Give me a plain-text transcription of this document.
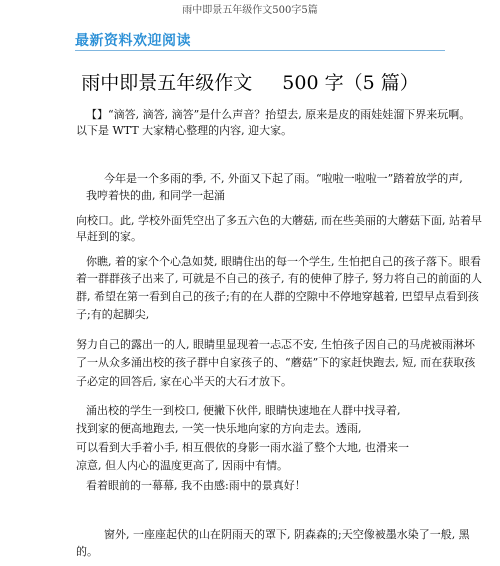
雨中即景五年级作文500字5篇
最新资料欢迎阅读
雨中即景五年级作文 500 字（5 篇）
【】“滴答, 滴答, 滴答”是什么声音？抬望去, 原来是皮的雨娃娃溜下界来玩啊。
以下是 WTT 大家精心整理的内容, 迎大家。
今年是一个多雨的季, 不, 外面又下起了雨。“啦啦一啦啦一”踏着放学的声,
我哼着快的曲, 和同学一起涌
向校口。此, 学校外面凭空出了多五六色的大蘑菇, 而在些美丽的大蘑菇下面, 站着早
早赶到的家。
你瞧, 着的家个个心急如焚, 眼睛住出的每一个学生, 生怕把自己的孩子落下。眼看
着一群群孩子出来了, 可就是不自己的孩子, 有的使伸了脖子, 努力将自己的前面的人
群, 希望在第一看到自己的孩子;有的在人群的空隙中不停地穿越着, 巴望早点看到孩
子;有的起脚尖,
努力自己的露出一的人, 眼睛里显现着一忐忑不安, 生怕孩子因自己的马虎被雨淋坏
了一从众多涌出校的孩子群中自家孩子的、“蘑菇”下的家赶快跑去, 短, 而在获取孩
子必定的回答后, 家在心半天的大石才放下。
涌出校的学生一到校口, 便撇下伙伴, 眼睛快速地在人群中找寻着,
找到家的便高地跑去, 一笑一快乐地向家的方向走去。透雨,
可以看到大手着小手, 相互偎依的身影一雨水溢了整个大地, 也滑来一
凉意, 但人内心的温度更高了, 因雨中有情。
看着眼前的一幕幕, 我不由感:雨中的景真好！
窗外, 一座座起伏的山在阴雨天的罩下, 阴森森的;天空像被墨水染了一般, 黑
的。
